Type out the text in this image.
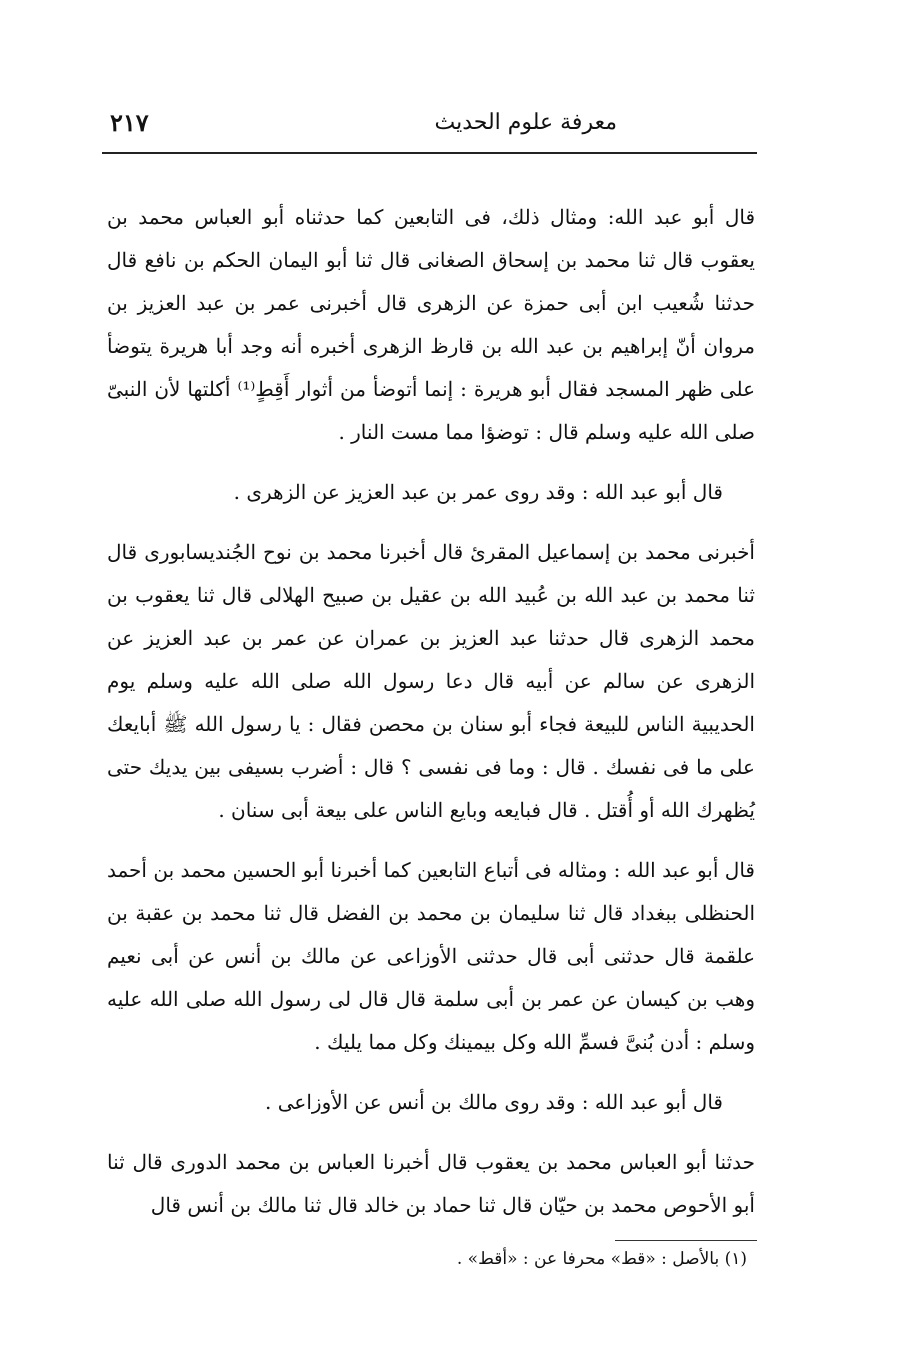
معرفة علوم الحديث
٢١٧

قال أبو عبد الله: ومثال ذلك، فى التابعين كما حدثناه أبو العباس محمد بن يعقوب قال ثنا محمد بن إسحاق الصغانى قال ثنا أبو اليمان الحكم بن نافع قال حدثنا شُعيب ابن أبى حمزة عن الزهرى قال أخبرنى عمر بن عبد العزيز بن مروان أنّ إبراهيم بن عبد الله بن قارظ الزهرى أخبره أنه وجد أبا هريرة يتوضأ على ظهر المسجد فقال أبو هريرة : إنما أتوضأ من أثوار أَقِطٍ⁽¹⁾ أكلتها لأن النبىّ صلى الله عليه وسلم قال : توضؤا مما مست النار .

قال أبو عبد الله : وقد روى عمر بن عبد العزيز عن الزهرى .

أخبرنى محمد بن إسماعيل المقرئ قال أخبرنا محمد بن نوح الجُنديسابورى قال ثنا محمد بن عبد الله بن عُبيد الله بن عقيل بن صبيح الهلالى قال ثنا يعقوب بن محمد الزهرى قال حدثنا عبد العزيز بن عمران عن عمر بن عبد العزيز عن الزهرى عن سالم عن أبيه قال دعا رسول الله صلى الله عليه وسلم يوم الحديبية الناس للبيعة فجاء أبو سنان بن محصن فقال : يا رسول الله ﷺ أبايعك على ما فى نفسك . قال : وما فى نفسى ؟ قال : أضرب بسيفى بين يديك حتى يُظهرك الله أو أُقتل . قال فبايعه وبايع الناس على بيعة أبى سنان .

قال أبو عبد الله : ومثاله فى أتباع التابعين كما أخبرنا أبو الحسين محمد بن أحمد الحنظلى ببغداد قال ثنا سليمان بن محمد بن الفضل قال ثنا محمد بن عقبة بن علقمة قال حدثنى أبى قال حدثنى الأوزاعى عن مالك بن أنس عن أبى نعيم وهب بن كيسان عن عمر بن أبى سلمة قال قال لى رسول الله صلى الله عليه وسلم : أدن بُنىَّ فسمِّ الله وكل بيمينك وكل مما يليك .

قال أبو عبد الله : وقد روى مالك بن أنس عن الأوزاعى .

حدثنا أبو العباس محمد بن يعقوب قال أخبرنا العباس بن محمد الدورى قال ثنا أبو الأحوص محمد بن حيّان قال ثنا حماد بن خالد قال ثنا مالك بن أنس قال

(١) بالأصل : «قط» محرفا عن : «أقط» .
